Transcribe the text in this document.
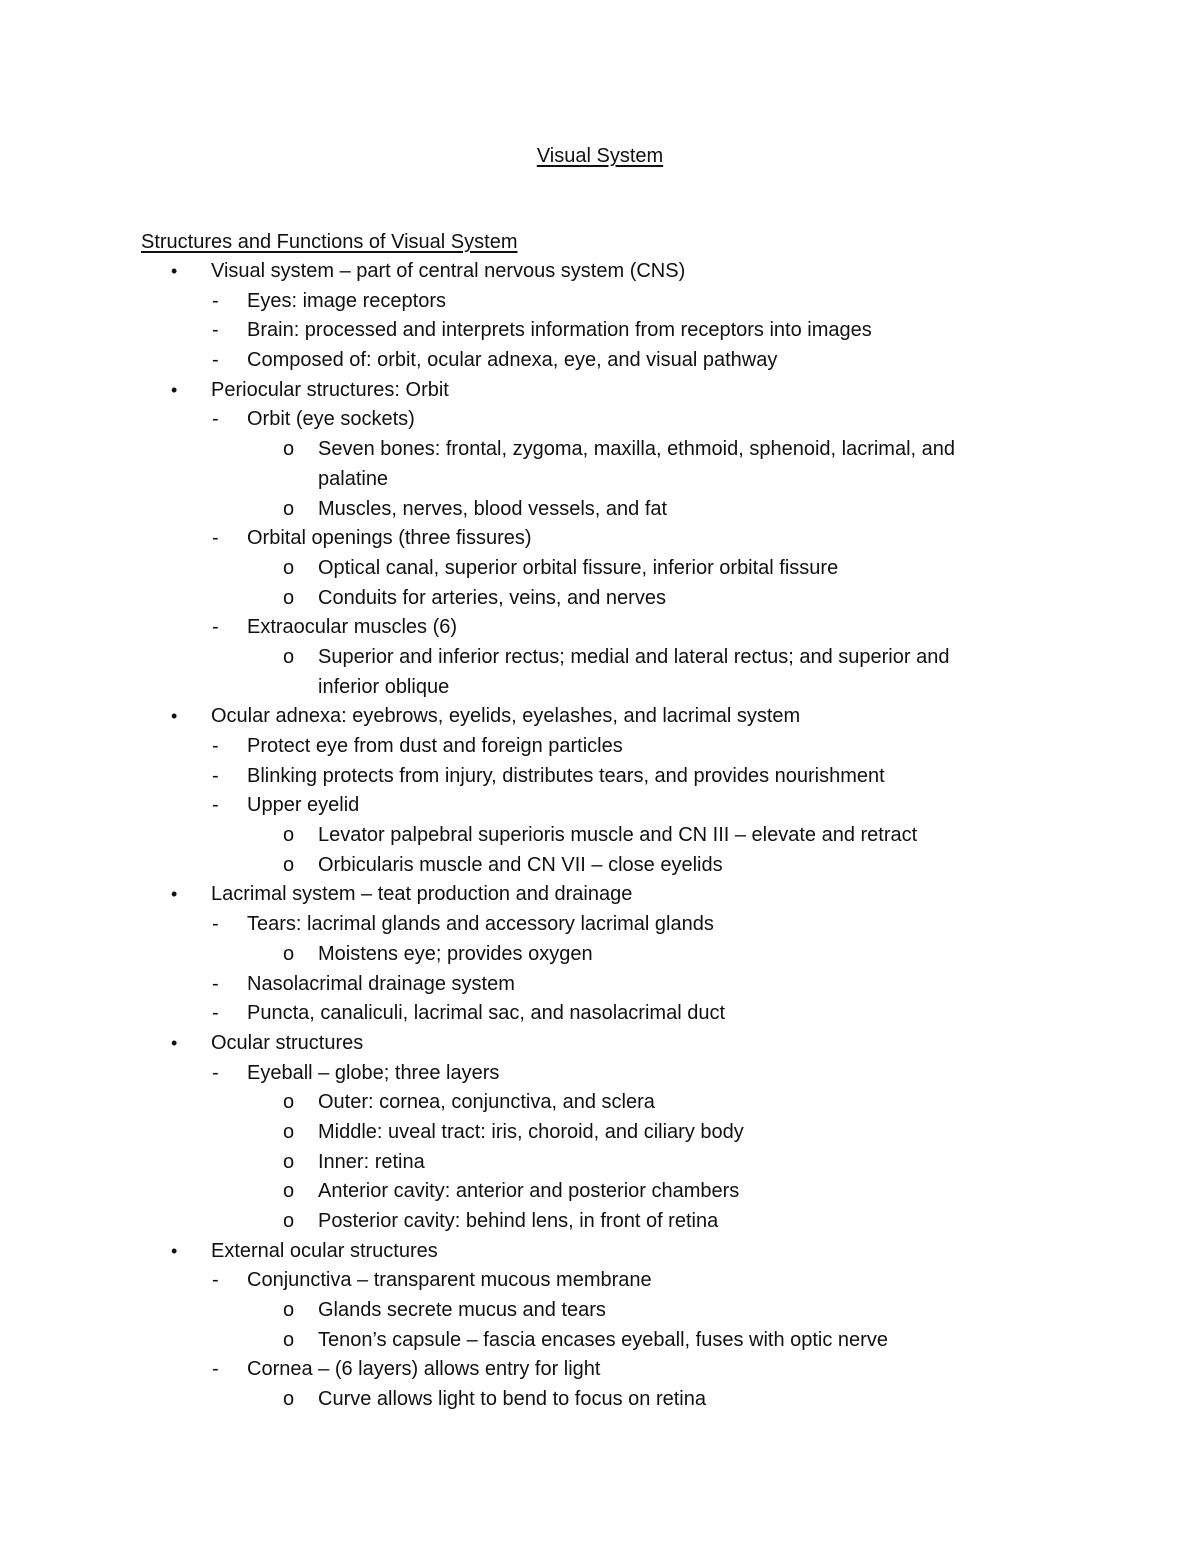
Visual System
Structures and Functions of Visual System
• Visual system – part of central nervous system (CNS)
- Eyes: image receptors
- Brain: processed and interprets information from receptors into images
- Composed of: orbit, ocular adnexa, eye, and visual pathway
• Periocular structures: Orbit
- Orbit (eye sockets)
o Seven bones: frontal, zygoma, maxilla, ethmoid, sphenoid, lacrimal, and
palatine
o Muscles, nerves, blood vessels, and fat
- Orbital openings (three fissures)
o Optical canal, superior orbital fissure, inferior orbital fissure
o Conduits for arteries, veins, and nerves
- Extraocular muscles (6)
o Superior and inferior rectus; medial and lateral rectus; and superior and
inferior oblique
• Ocular adnexa: eyebrows, eyelids, eyelashes, and lacrimal system
- Protect eye from dust and foreign particles
- Blinking protects from injury, distributes tears, and provides nourishment
- Upper eyelid
o Levator palpebral superioris muscle and CN III – elevate and retract
o Orbicularis muscle and CN VII – close eyelids
• Lacrimal system – teat production and drainage
- Tears: lacrimal glands and accessory lacrimal glands
o Moistens eye; provides oxygen
- Nasolacrimal drainage system
- Puncta, canaliculi, lacrimal sac, and nasolacrimal duct
• Ocular structures
- Eyeball – globe; three layers
o Outer: cornea, conjunctiva, and sclera
o Middle: uveal tract: iris, choroid, and ciliary body
o Inner: retina
o Anterior cavity: anterior and posterior chambers
o Posterior cavity: behind lens, in front of retina
• External ocular structures
- Conjunctiva – transparent mucous membrane
o Glands secrete mucus and tears
o Tenon’s capsule – fascia encases eyeball, fuses with optic nerve
- Cornea – (6 layers) allows entry for light
o Curve allows light to bend to focus on retina
